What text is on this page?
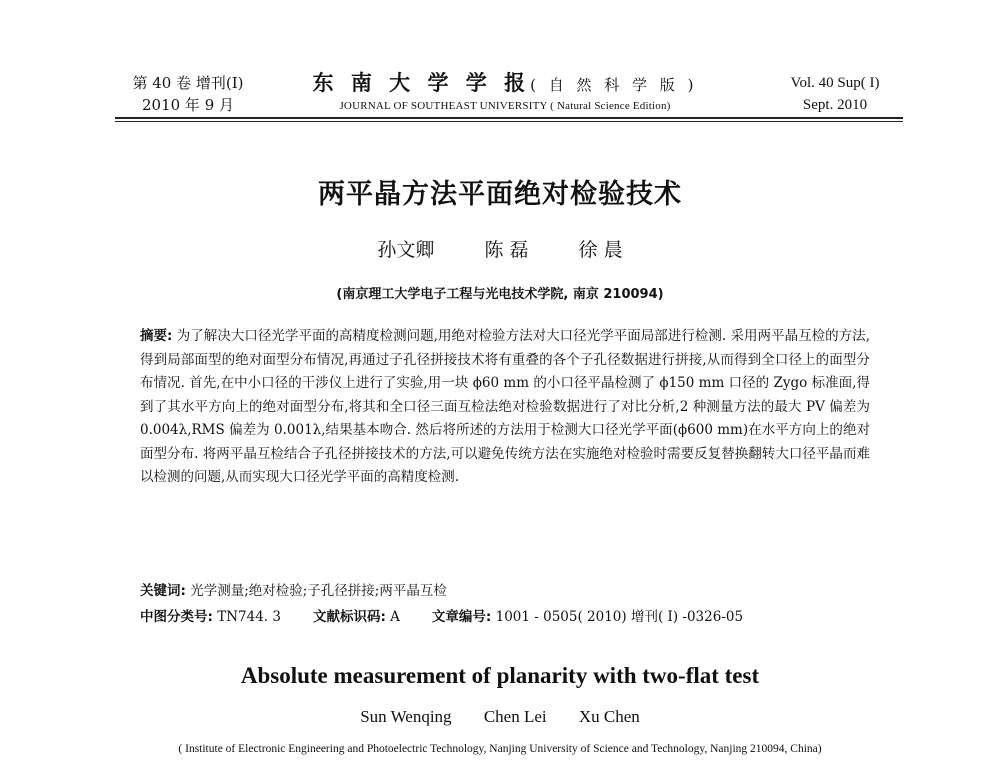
第 40 卷 增刊(I)
2010 年 9 月
东 南 大 学 学 报( 自 然 科 学 版 )
JOURNAL OF SOUTHEAST UNIVERSITY ( Natural Science Edition)
Vol. 40 Sup( I)
Sept. 2010
两平晶方法平面绝对检验技术
孙文卿	陈 磊	徐 晨
(南京理工大学电子工程与光电技术学院, 南京 210094)
摘要: 为了解决大口径光学平面的高精度检测问题,用绝对检验方法对大口径光学平面局部进行检测. 采用两平晶互检的方法,得到局部面型的绝对面型分布情况,再通过子孔径拼接技术将有重叠的各个子孔径数据进行拼接,从而得到全口径上的面型分布情况. 首先,在中小口径的干涉仪上进行了实验,用一块 ϕ60 mm 的小口径平晶检测了 ϕ150 mm 口径的 Zygo 标准面,得到了其水平方向上的绝对面型分布,将其和全口径三面互检法绝对检验数据进行了对比分析,2 种测量方法的最大 PV 偏差为 0.004λ,RMS 偏差为 0.001λ,结果基本吻合. 然后将所述的方法用于检测大口径光学平面(ϕ600 mm)在水平方向上的绝对面型分布. 将两平晶互检结合子孔径拼接技术的方法,可以避免传统方法在实施绝对检验时需要反复替换翻转大口径平晶而难以检测的问题,从而实现大口径光学平面的高精度检测.
关键词: 光学测量;绝对检验;子孔径拼接;两平晶互检
中图分类号: TN744. 3 文献标识码: A 文章编号: 1001 - 0505( 2010) 增刊( I) -0326-05
Absolute measurement of planarity with two-flat test
Sun Wenqing Chen Lei Xu Chen
( Institute of Electronic Engineering and Photoelectric Technology, Nanjing University of Science and Technology, Nanjing 210094, China)
